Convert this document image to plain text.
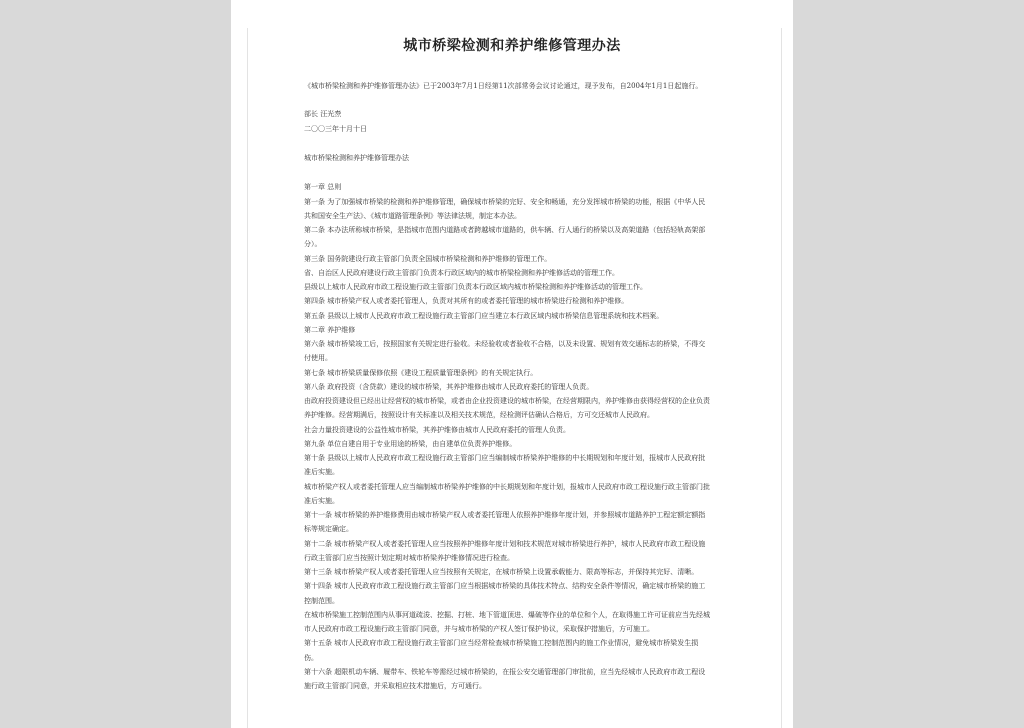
城市桥梁检测和养护维修管理办法
《城市桥梁检测和养护维修管理办法》已于2003年7月1日经第11次部常务会议讨论通过，现予发布，自2004年1月1日起施行。
部长 汪光焘
二〇〇三年十月十日
城市桥梁检测和养护维修管理办法
第一章 总则
第一条 为了加强城市桥梁的检测和养护维修管理，确保城市桥梁的完好、安全和畅通，充分发挥城市桥梁的功能，根据《中华人民
共和国安全生产法》、《城市道路管理条例》等法律法规，制定本办法。
第二条 本办法所称城市桥梁，是指城市范围内道路或者跨越城市道路的，供车辆、行人通行的桥梁以及高架道路（包括轻轨高架部
分）。
第三条 国务院建设行政主管部门负责全国城市桥梁检测和养护维修的管理工作。
省、自治区人民政府建设行政主管部门负责本行政区域内的城市桥梁检测和养护维修活动的管理工作。
县级以上城市人民政府市政工程设施行政主管部门负责本行政区域内城市桥梁检测和养护维修活动的管理工作。
第四条 城市桥梁产权人或者委托管理人，负责对其所有的或者委托管理的城市桥梁进行检测和养护维修。
第五条 县级以上城市人民政府市政工程设施行政主管部门应当建立本行政区域内城市桥梁信息管理系统和技术档案。
第二章 养护维修
第六条 城市桥梁竣工后，按照国家有关规定进行验收。未经验收或者验收不合格，以及未设置、规划有效交通标志的桥梁，不得交
付使用。
第七条 城市桥梁质量保修依照《建设工程质量管理条例》的有关规定执行。
第八条 政府投资（含贷款）建设的城市桥梁，其养护维修由城市人民政府委托的管理人负责。
由政府投资建设但已经出让经营权的城市桥梁，或者由企业投资建设的城市桥梁，在经营期限内，养护维修由获得经营权的企业负责
养护维修。经营期满后，按照设计有关标准以及相关技术规范，经检测评估确认合格后，方可交还城市人民政府。
社会力量投资建设的公益性城市桥梁，其养护维修由城市人民政府委托的管理人负责。
第九条 单位自建自用于专业用途的桥梁，由自建单位负责养护维修。
第十条 县级以上城市人民政府市政工程设施行政主管部门应当编制城市桥梁养护维修的中长期规划和年度计划，报城市人民政府批
准后实施。
城市桥梁产权人或者委托管理人应当编制城市桥梁养护维修的中长期规划和年度计划，报城市人民政府市政工程设施行政主管部门批
准后实施。
第十一条 城市桥梁的养护维修费用由城市桥梁产权人或者委托管理人依照养护维修年度计划，并参照城市道路养护工程定额定额指
标等规定确定。
第十二条 城市桥梁产权人或者委托管理人应当按照养护维修年度计划和技术规范对城市桥梁进行养护，城市人民政府市政工程设施
行政主管部门应当按照计划定期对城市桥梁养护维修情况进行检查。
第十三条 城市桥梁产权人或者委托管理人应当按照有关规定，在城市桥梁上设置承载能力、限高等标志，并保持其完好、清晰。
第十四条 城市人民政府市政工程设施行政主管部门应当根据城市桥梁的具体技术特点、结构安全条件等情况，确定城市桥梁的施工
控制范围。
在城市桥梁施工控制范围内从事河道疏浚、挖掘、打桩、地下管道顶进、爆破等作业的单位和个人，在取得施工许可证前应当先经城
市人民政府市政工程设施行政主管部门同意，并与城市桥梁的产权人签订保护协议，采取保护措施后，方可施工。
第十五条 城市人民政府市政工程设施行政主管部门应当经常检查城市桥梁施工控制范围内的施工作业情况，避免城市桥梁发生损
伤。
第十六条 超限机动车辆、履带车、铁轮车等需经过城市桥梁的，在报公安交通管理部门审批前，应当先经城市人民政府市政工程设
施行政主管部门同意，并采取相应技术措施后，方可通行。
